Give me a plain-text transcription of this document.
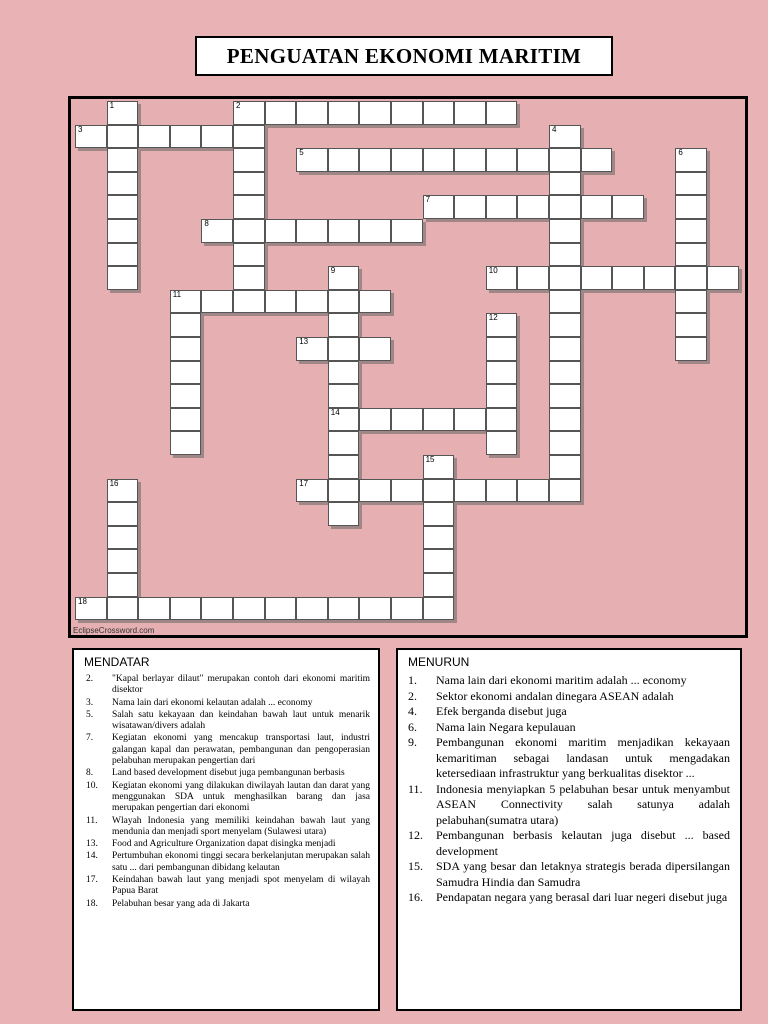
PENGUATAN EKONOMI MARITIM
EclipseCrossword.com
1	2
3	4
5	6
7
8
9	10
11
12
13
14
15
16	17
18
MENDATAR
2.	"Kapal berlayar dilaut" merupakan contoh dari ekonomi maritim disektor
3.	Nama lain dari ekonomi kelautan adalah ... economy
5.	Salah satu kekayaan dan keindahan bawah laut untuk menarik wisatawan/divers adalah
7.	Kegiatan ekonomi yang mencakup transportasi laut, industri galangan kapal dan perawatan, pembangunan dan pengoperasian pelabuhan merupakan pengertian dari
8.	Land based development disebut juga pembangunan berbasis
10.	Kegiatan ekonomi yang dilakukan diwilayah lautan dan darat yang menggunakan SDA untuk menghasilkan barang dan jasa merupakan pengertian dari ekonomi
11.	Wlayah Indonesia yang memiliki keindahan bawah laut yang mendunia dan menjadi sport menyelam (Sulawesi utara)
13.	Food and Agriculture Organization dapat disingka menjadi
14.	Pertumbuhan ekonomi tinggi secara berkelanjutan merupakan salah satu ... dari pembangunan dibidang kelautan
17.	Keindahan bawah laut yang menjadi spot menyelam di wilayah Papua Barat
18.	Pelabuhan besar yang ada di Jakarta
MENURUN
1.	Nama lain dari ekonomi maritim adalah ... economy
2.	Sektor ekonomi andalan dinegara ASEAN adalah
4.	Efek berganda disebut juga
6.	Nama lain Negara kepulauan
9.	Pembangunan ekonomi maritim menjadikan kekayaan kemaritiman sebagai landasan untuk mengadakan ketersediaan infrastruktur yang berkualitas disektor ...
11.	Indonesia menyiapkan 5 pelabuhan besar untuk menyambut ASEAN Connectivity salah satunya adalah pelabuhan(sumatra utara)
12.	Pembangunan berbasis kelautan juga disebut ... based development
15.	SDA yang besar dan letaknya strategis berada dipersilangan Samudra Hindia dan Samudra
16.	Pendapatan negara yang berasal dari luar negeri disebut juga
